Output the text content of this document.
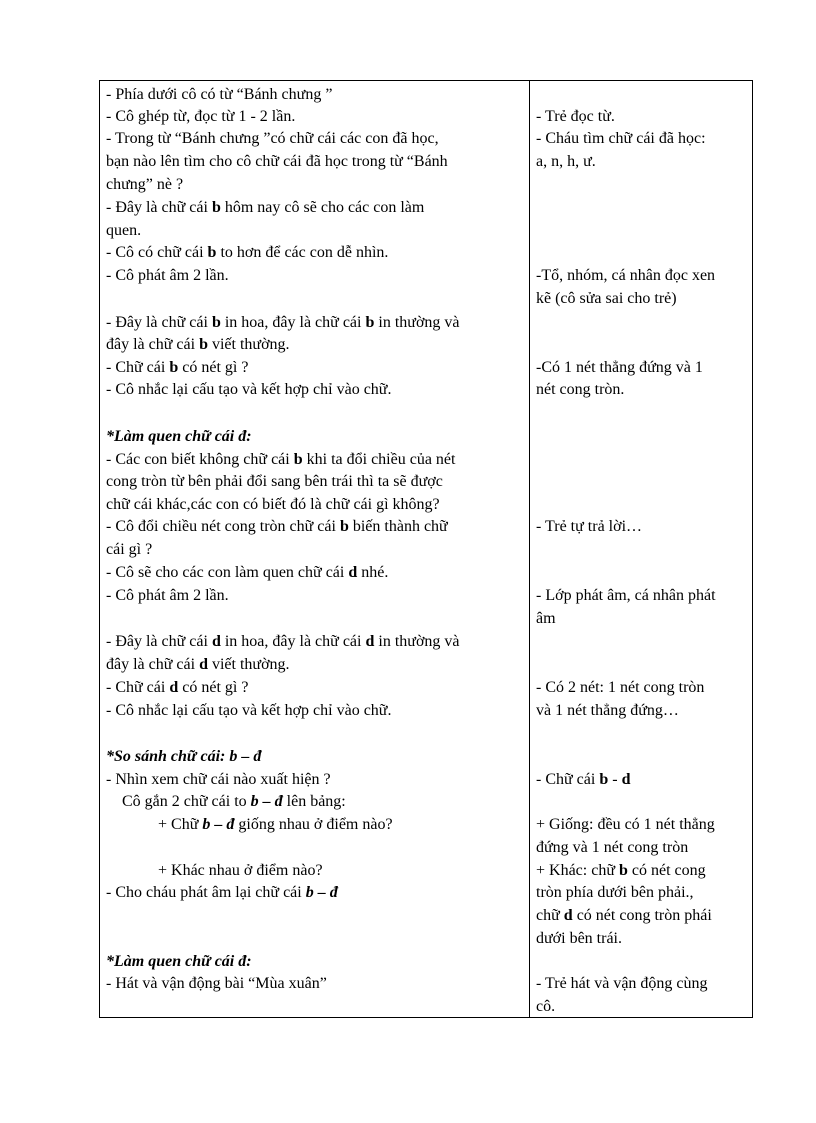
- Phía dưới cô có từ “Bánh chưng ”
- Cô ghép từ, đọc từ 1 - 2 lần.
- Trong từ “Bánh chưng ”có chữ cái các con đã học,
bạn nào lên tìm cho cô chữ cái đã học trong từ “Bánh
chưng” nè ?
- Đây là chữ cái b hôm nay cô sẽ cho các con làm
quen.
- Cô có chữ cái b to hơn để các con dễ nhìn.
- Cô phát âm 2 lần.
- Đây là chữ cái b in hoa, đây là chữ cái b in thường và
đây là chữ cái b viết thường.
- Chữ cái b có nét gì ?
- Cô nhắc lại cấu tạo và kết hợp chỉ vào chữ.
*Làm quen chữ cái đ:
- Các con biết không chữ cái b khi ta đổi chiều của nét
cong tròn từ bên phải đổi sang bên trái thì ta sẽ được
chữ cái khác,các con có biết đó là chữ cái gì không?
- Cô đổi chiều nét cong tròn chữ cái b biến thành chữ
cái gì ?
- Cô sẽ cho các con làm quen chữ cái d nhé.
- Cô phát âm 2 lần.
- Đây là chữ cái d in hoa, đây là chữ cái d in thường và
đây là chữ cái d viết thường.
- Chữ cái d có nét gì ?
- Cô nhắc lại cấu tạo và kết hợp chỉ vào chữ.
*So sánh chữ cái: b – đ
- Nhìn xem chữ cái nào xuất hiện ?
Cô gắn 2 chữ cái to b – đ lên bảng:
+ Chữ b – đ giống nhau ở điểm nào?
+ Khác nhau ở điểm nào?
- Cho cháu phát âm lại chữ cái b – đ
*Làm quen chữ cái đ:
- Hát và vận động bài “Mùa xuân”
- Trẻ đọc từ.
- Cháu tìm chữ cái đã học:
a, n, h, ư.
-Tổ, nhóm, cá nhân đọc xen
kẽ (cô sửa sai cho trẻ)
-Có 1 nét thẳng đứng và 1
nét cong tròn.
- Trẻ tự trả lời…
- Lớp phát âm, cá nhân phát
âm
- Có 2 nét: 1 nét cong tròn
và 1 nét thẳng đứng…
- Chữ cái b - d
+ Giống: đều có 1 nét thẳng
đứng và 1 nét cong tròn
+ Khác: chữ b có nét cong
tròn phía dưới bên phải.,
chữ d có nét cong tròn phái
dưới bên trái.
- Trẻ hát và vận động cùng
cô.
